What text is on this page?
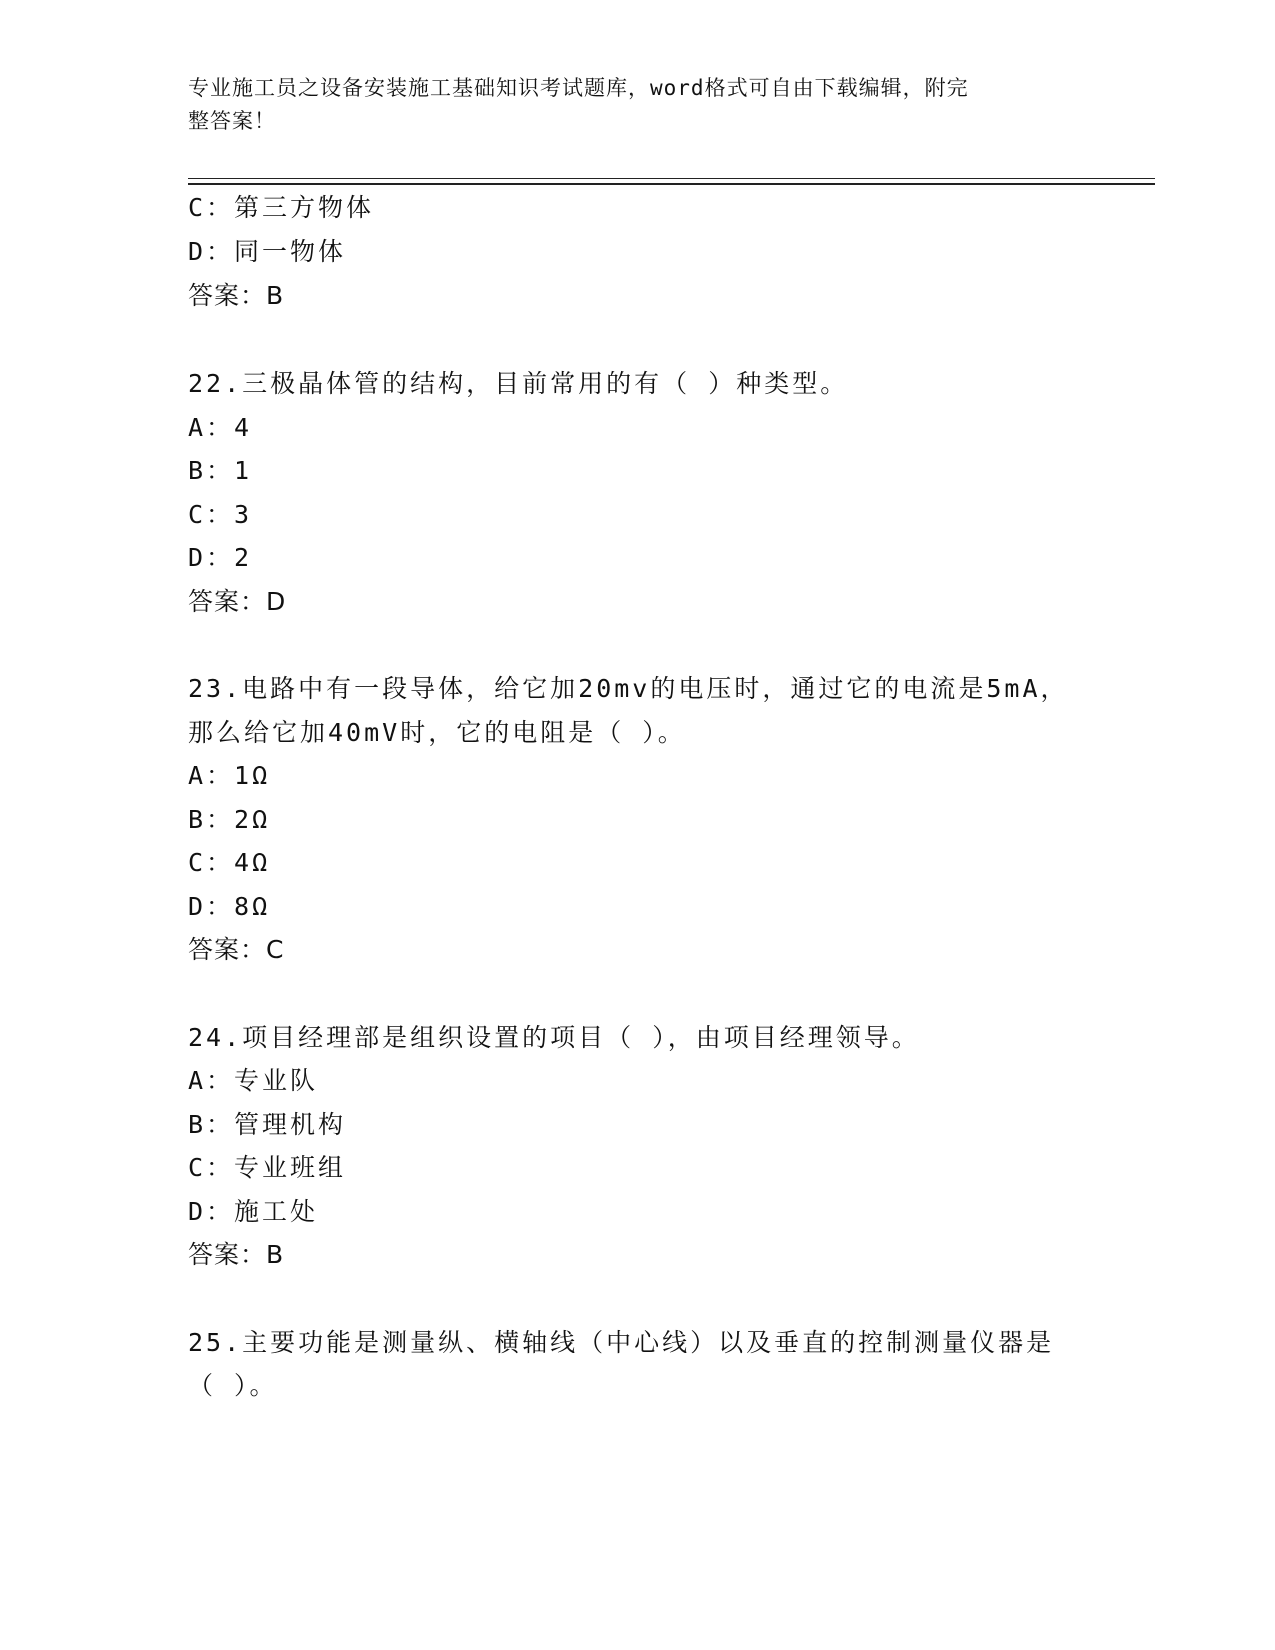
专业施工员之设备安装施工基础知识考试题库，word格式可自由下载编辑，附完
整答案！
C：第三方物体
D：同一物体
答案：B
22.三极晶体管的结构，目前常用的有（ ）种类型。
A：4
B：1
C：3
D：2
答案：D
23.电路中有一段导体，给它加20mv的电压时，通过它的电流是5mA，
那么给它加40mV时，它的电阻是（ ）。
A：1Ω
B：2Ω
C：4Ω
D：8Ω
答案：C
24.项目经理部是组织设置的项目（ ），由项目经理领导。
A：专业队
B：管理机构
C：专业班组
D：施工处
答案：B
25.主要功能是测量纵、横轴线（中心线）以及垂直的控制测量仪器是
（ ）。
